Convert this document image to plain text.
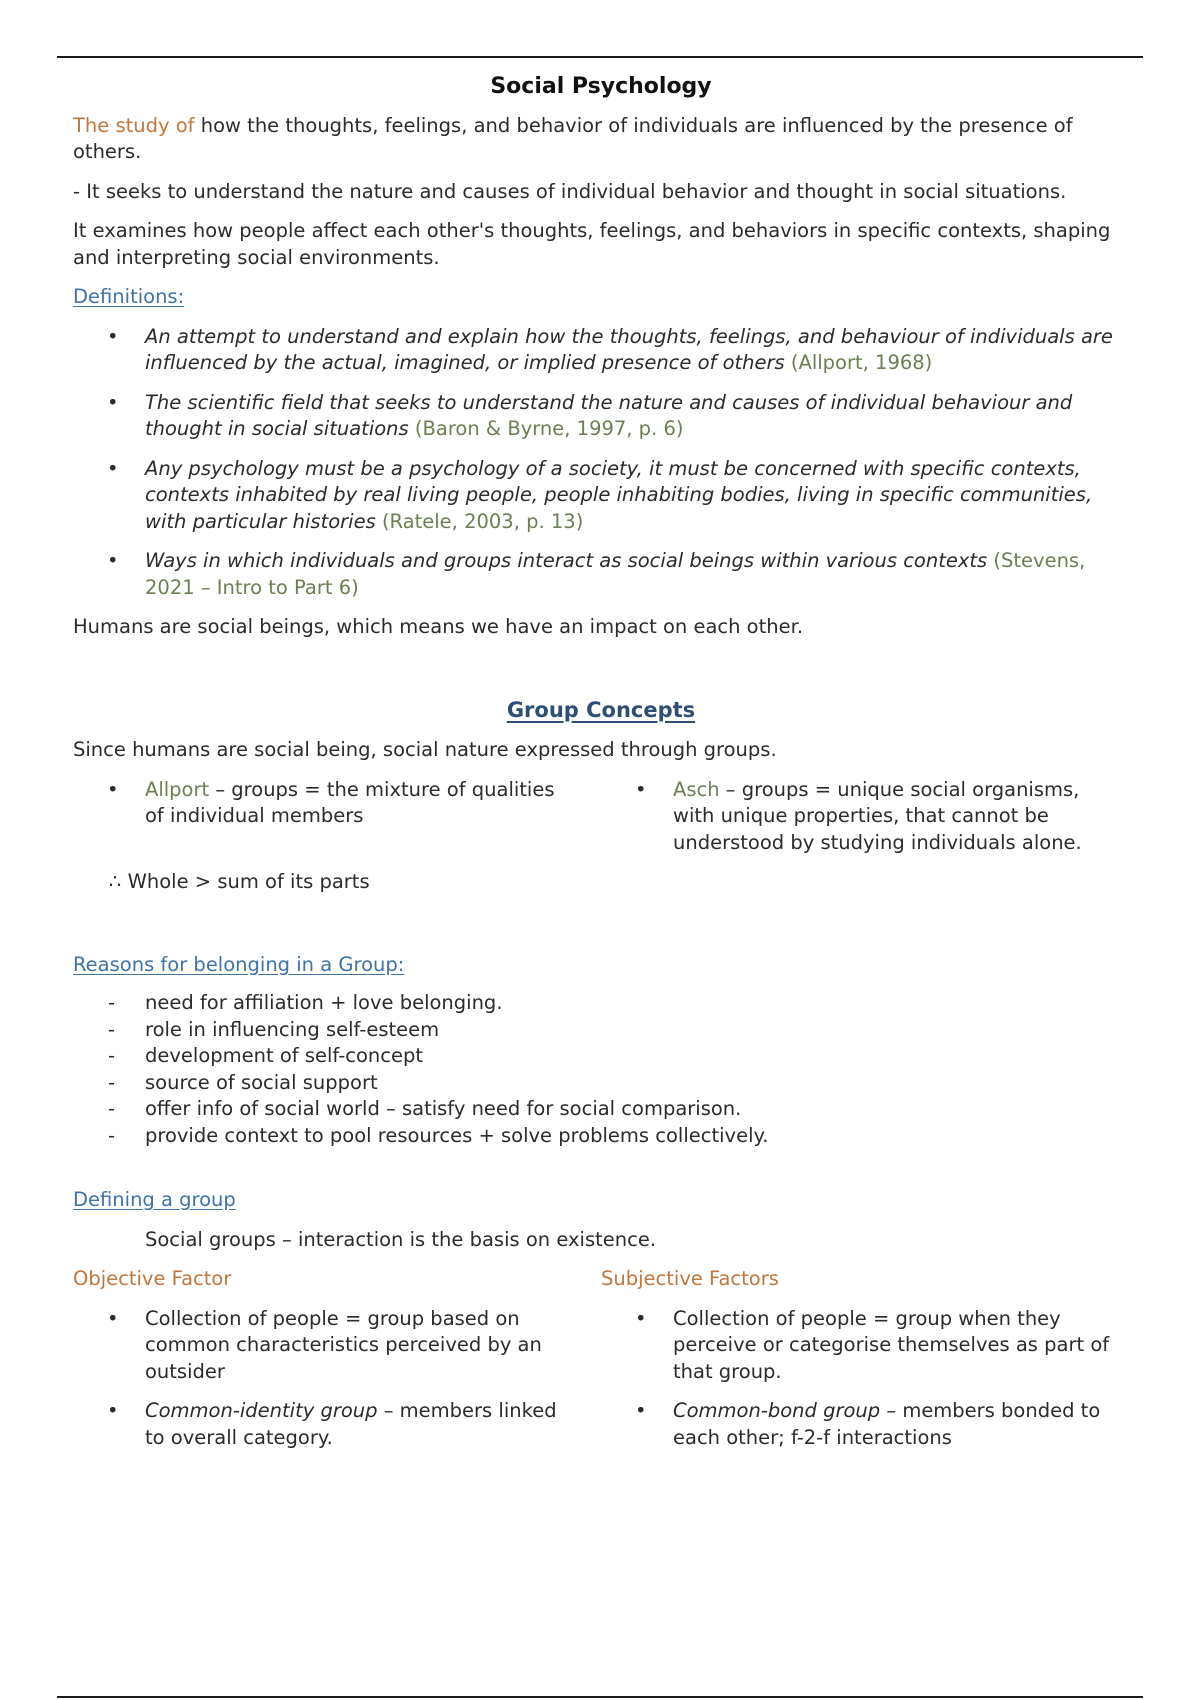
Social Psychology

The study of how the thoughts, feelings, and behavior of individuals are influenced by the presence of others.

- It seeks to understand the nature and causes of individual behavior and thought in social situations.

It examines how people affect each other's thoughts, feelings, and behaviors in specific contexts, shaping and interpreting social environments.

Definitions:

• An attempt to understand and explain how the thoughts, feelings, and behaviour of individuals are influenced by the actual, imagined, or implied presence of others (Allport, 1968)
• The scientific field that seeks to understand the nature and causes of individual behaviour and thought in social situations (Baron & Byrne, 1997, p. 6)
• Any psychology must be a psychology of a society, it must be concerned with specific contexts, contexts inhabited by real living people, people inhabiting bodies, living in specific communities, with particular histories (Ratele, 2003, p. 13)
• Ways in which individuals and groups interact as social beings within various contexts (Stevens, 2021 – Intro to Part 6)

Humans are social beings, which means we have an impact on each other.

Group Concepts

Since humans are social being, social nature expressed through groups.

• Allport – groups = the mixture of qualities of individual members
• Asch – groups = unique social organisms, with unique properties, that cannot be understood by studying individuals alone.

∴ Whole > sum of its parts

Reasons for belonging in a Group:

- need for affiliation + love belonging.
- role in influencing self-esteem
- development of self-concept
- source of social support
- offer info of social world – satisfy need for social comparison.
- provide context to pool resources + solve problems collectively.

Defining a group

Social groups – interaction is the basis on existence.

Objective Factor

• Collection of people = group based on common characteristics perceived by an outsider
• Common-identity group – members linked to overall category.

Subjective Factors

• Collection of people = group when they perceive or categorise themselves as part of that group.
• Common-bond group – members bonded to each other; f-2-f interactions
